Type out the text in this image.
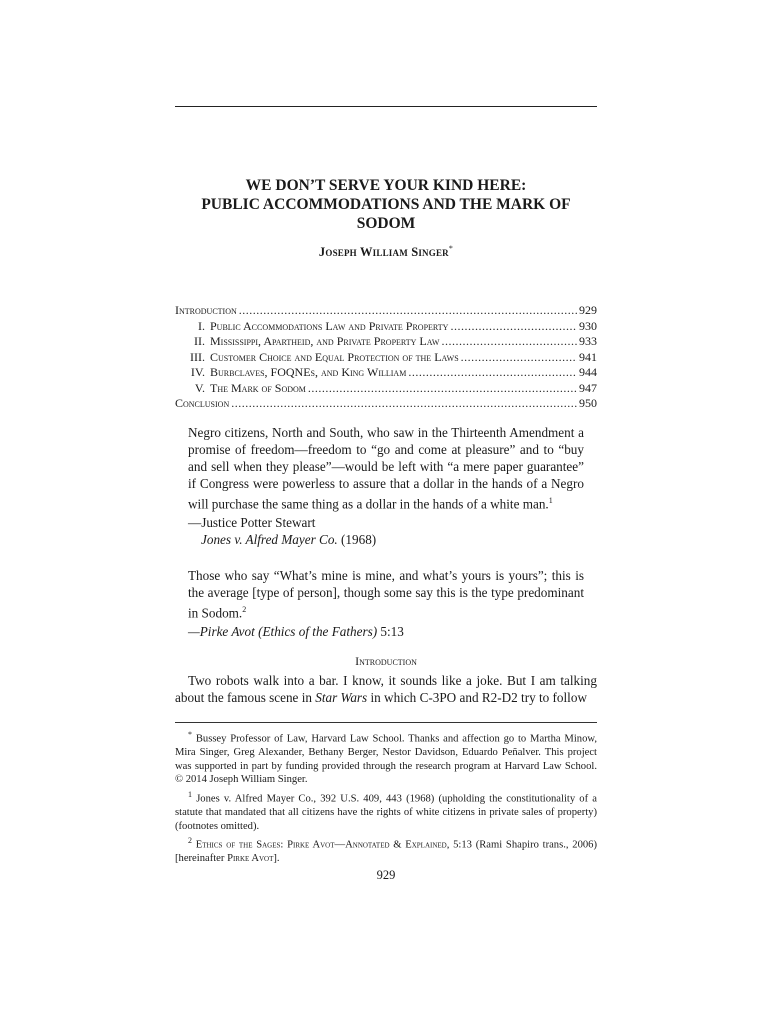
WE DON’T SERVE YOUR KIND HERE:
PUBLIC ACCOMMODATIONS AND THE MARK OF
SODOM
Joseph William Singer*
Introduction .....	929
I. Public Accommodations Law and Private Property .....	930
II. Mississippi, Apartheid, and Private Property Law .....	933
III. Customer Choice and Equal Protection of the Laws .....	941
IV. Burbclaves, FOQNEs, and King William .....	944
V. The Mark of Sodom .....	947
Conclusion .....	950

Negro citizens, North and South, who saw in the Thirteenth Amendment a promise of freedom—freedom to “go and come at pleasure” and to “buy and sell when they please”—would be left with “a mere paper guarantee” if Congress were powerless to assure that a dollar in the hands of a Negro will purchase the same thing as a dollar in the hands of a white man.$^1$

—Justice Potter Stewart
Jones v. Alfred Mayer Co. (1968)

Those who say “What’s mine is mine, and what’s yours is yours”; this is the average [type of person], though some say this is the type predominant in Sodom.$^2$

—Pirke Avot (Ethics of the Fathers) 5:13
Introduction

Two robots walk into a bar. I know, it sounds like a joke. But I am talking about the famous scene in Star Wars in which C-3PO and R2-D2 try to follow

* Bussey Professor of Law, Harvard Law School. Thanks and affection go to Martha Minow, Mira Singer, Greg Alexander, Bethany Berger, Nestor Davidson, Eduardo Peñalver. This project was supported in part by funding provided through the research program at Harvard Law School. © 2014 Joseph William Singer.

$^1$ Jones v. Alfred Mayer Co., 392 U.S. 409, 443 (1968) (upholding the constitutionality of a statute that mandated that all citizens have the rights of white citizens in private sales of property) (footnotes omitted).

$^2$ Ethics of the Sages: Pirke Avot—Annotated & Explained, 5:13 (Rami Shapiro trans., 2006) [hereinafter Pirke Avot].

929
